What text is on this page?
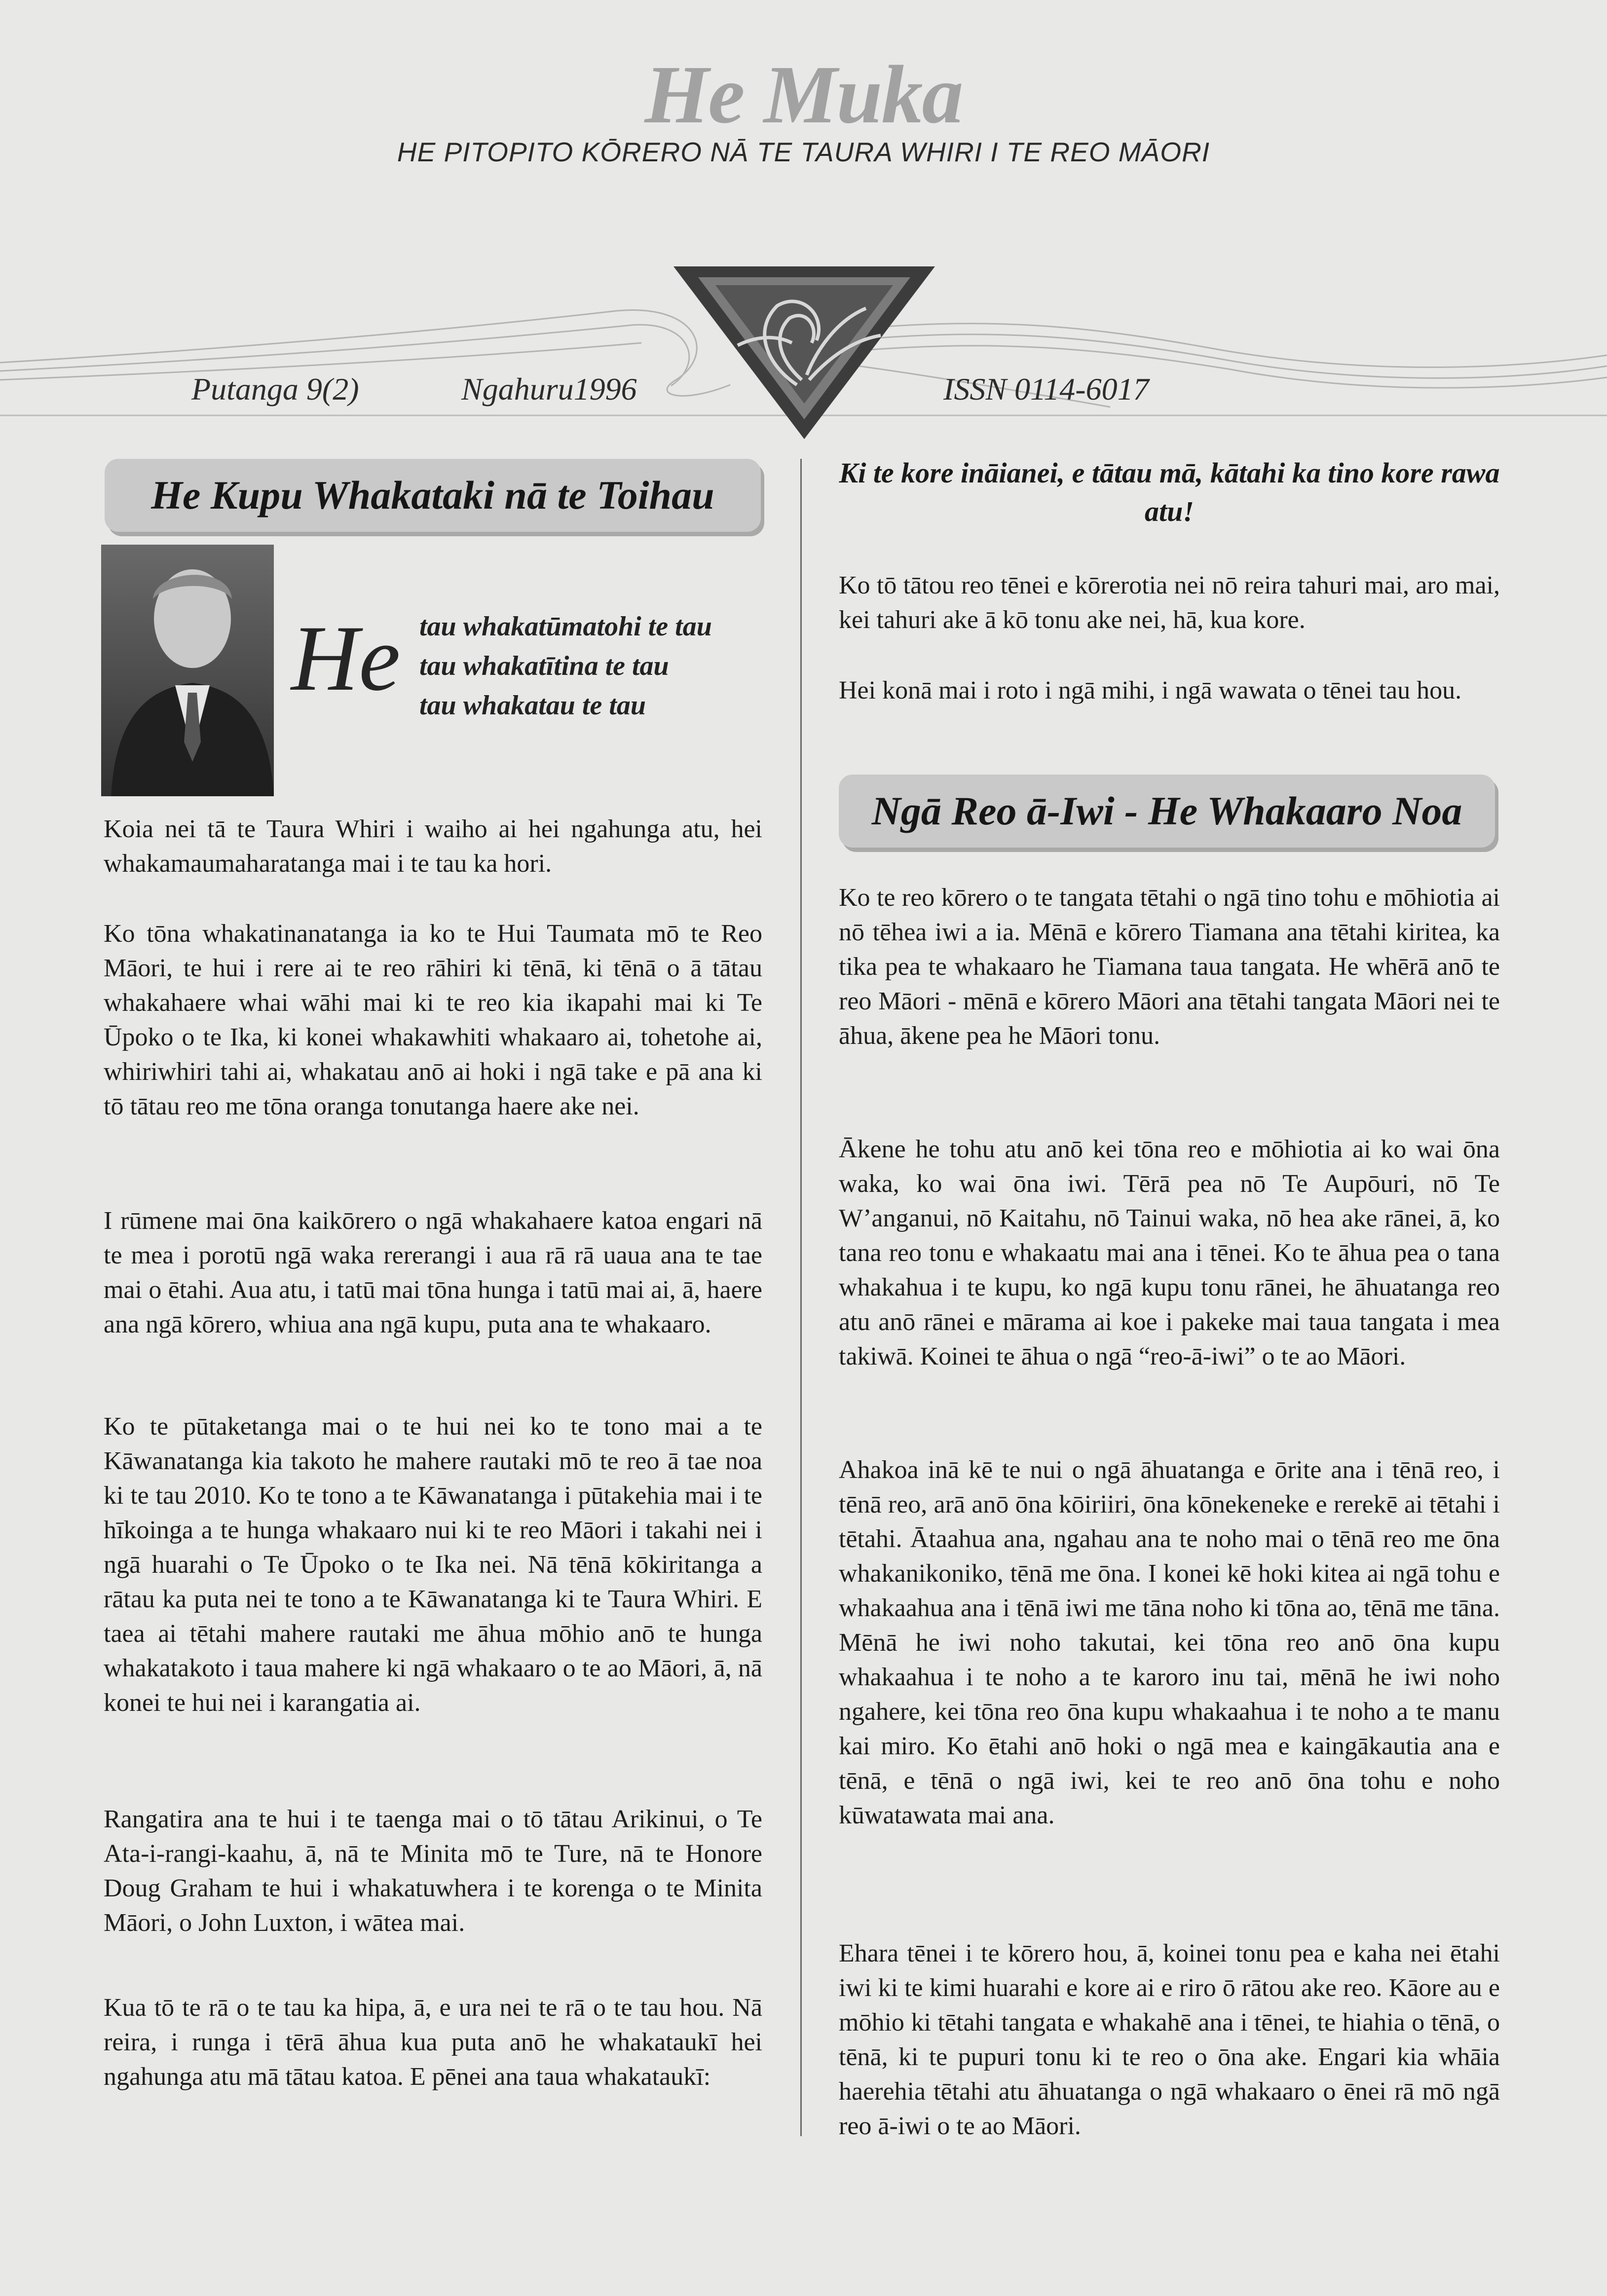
He Muka
HE PITOPITO KŌRERO NĀ TE TAURA WHIRI I TE REO MĀORI
Putanga 9(2)	Ngahuru1996	ISSN 0114-6017
He Kupu Whakataki nā te Toihau
He tau whakatūmatohi te tau
tau whakatītina te tau
tau whakatau te tau
Koia nei tā te Taura Whiri i waiho ai hei ngahunga atu, hei whakamaumaharatanga mai i te tau ka hori.
Ko tōna whakatinanatanga ia ko te Hui Taumata mō te Reo Māori, te hui i rere ai te reo rāhiri ki tēnā, ki tēnā o ā tātau whakahaere whai wāhi mai ki te reo kia ikapahi mai ki Te Ūpoko o te Ika, ki konei whakawhiti whakaaro ai, tohetohe ai, whiriwhiri tahi ai, whakatau anō ai hoki i ngā take e pā ana ki tō tātau reo me tōna oranga tonutanga haere ake nei.
I rūmene mai ōna kaikōrero o ngā whakahaere katoa engari nā te mea i porotū ngā waka rererangi i aua rā rā uaua ana te tae mai o ētahi. Aua atu, i tatū mai tōna hunga i tatū mai ai, ā, haere ana ngā kōrero, whiua ana ngā kupu, puta ana te whakaaro.
Ko te pūtaketanga mai o te hui nei ko te tono mai a te Kāwanatanga kia takoto he mahere rautaki mō te reo ā tae noa ki te tau 2010. Ko te tono a te Kāwanatanga i pūtakehia mai i te hīkoinga a te hunga whakaaro nui ki te reo Māori i takahi nei i ngā huarahi o Te Ūpoko o te Ika nei. Nā tēnā kōkiritanga a rātau ka puta nei te tono a te Kāwanatanga ki te Taura Whiri. E taea ai tētahi mahere rautaki me āhua mōhio anō te hunga whakatakoto i taua mahere ki ngā whakaaro o te ao Māori, ā, nā konei te hui nei i karangatia ai.
Rangatira ana te hui i te taenga mai o tō tātau Arikinui, o Te Ata-i-rangi-kaahu, ā, nā te Minita mō te Ture, nā te Honore Doug Graham te hui i whakatuwhera i te korenga o te Minita Māori, o John Luxton, i wātea mai.
Kua tō te rā o te tau ka hipa, ā, e ura nei te rā o te tau hou. Nā reira, i runga i tērā āhua kua puta anō he whakataukī hei ngahunga atu mā tātau katoa. E pēnei ana taua whakataukī:
Ki te kore ināianei, e tātau mā, kātahi ka tino kore rawa atu!
Ko tō tātou reo tēnei e kōrerotia nei nō reira tahuri mai, aro mai, kei tahuri ake ā kō tonu ake nei, hā, kua kore.
Hei konā mai i roto i ngā mihi, i ngā wawata o tēnei tau hou.
Ngā Reo ā-Iwi - He Whakaaro Noa
Ko te reo kōrero o te tangata tētahi o ngā tino tohu e mōhiotia ai nō tēhea iwi a ia. Mēnā e kōrero Tiamana ana tētahi kiritea, ka tika pea te whakaaro he Tiamana taua tangata. He whērā anō te reo Māori - mēnā e kōrero Māori ana tētahi tangata Māori nei te āhua, ākene pea he Māori tonu.
Ākene he tohu atu anō kei tōna reo e mōhiotia ai ko wai ōna waka, ko wai ōna iwi. Tērā pea nō Te Aupōuri, nō Te W’anganui, nō Kaitahu, nō Tainui waka, nō hea ake rānei, ā, ko tana reo tonu e whakaatu mai ana i tēnei. Ko te āhua pea o tana whakahua i te kupu, ko ngā kupu tonu rānei, he āhuatanga reo atu anō rānei e mārama ai koe i pakeke mai taua tangata i mea takiwā. Koinei te āhua o ngā “reo-ā-iwi” o te ao Māori.
Ahakoa inā kē te nui o ngā āhuatanga e ōrite ana i tēnā reo, i tēnā reo, arā anō ōna kōiriiri, ōna kōnekeneke e rerekē ai tētahi i tētahi. Ātaahua ana, ngahau ana te noho mai o tēnā reo me ōna whakanikoniko, tēnā me ōna. I konei kē hoki kitea ai ngā tohu e whakaahua ana i tēnā iwi me tāna noho ki tōna ao, tēnā me tāna. Mēnā he iwi noho takutai, kei tōna reo anō ōna kupu whakaahua i te noho a te karoro inu tai, mēnā he iwi noho ngahere, kei tōna reo ōna kupu whakaahua i te noho a te manu kai miro. Ko ētahi anō hoki o ngā mea e kaingākautia ana e tēnā, e tēnā o ngā iwi, kei te reo anō ōna tohu e noho kūwatawata mai ana.
Ehara tēnei i te kōrero hou, ā, koinei tonu pea e kaha nei ētahi iwi ki te kimi huarahi e kore ai e riro ō rātou ake reo. Kāore au e mōhio ki tētahi tangata e whakahē ana i tēnei, te hiahia o tēnā, o tēnā, ki te pupuri tonu ki te reo o ōna ake. Engari kia whāia haerehia tētahi atu āhuatanga o ngā whakaaro o ēnei rā mō ngā reo ā-iwi o te ao Māori.
